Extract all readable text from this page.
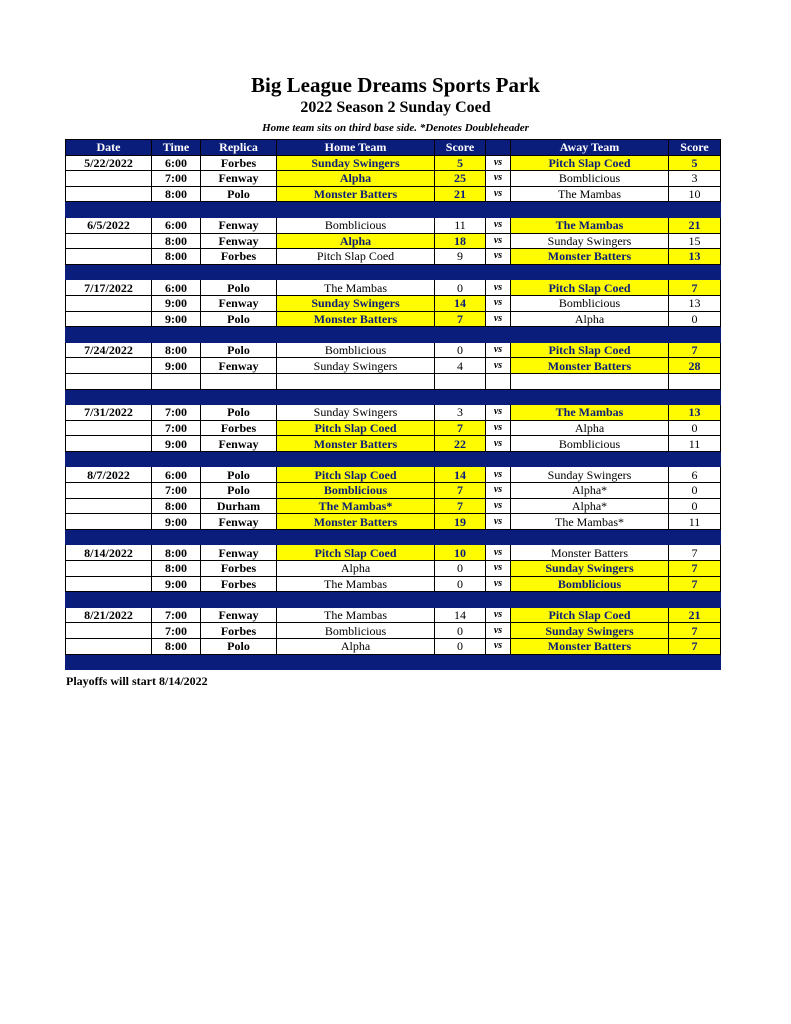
Big League Dreams Sports Park
2022 Season 2 Sunday Coed
Home team sits on third base side. *Denotes Doubleheader
Date	Time	Replica	Home Team	Score		Away Team	Score
5/22/2022	6:00	Forbes	Sunday Swingers	5	vs	Pitch Slap Coed	5
	7:00	Fenway	Alpha	25	vs	Bomblicious	3
	8:00	Polo	Monster Batters	21	vs	The Mambas	10

6/5/2022	6:00	Fenway	Bomblicious	11	vs	The Mambas	21
	8:00	Fenway	Alpha	18	vs	Sunday Swingers	15
	8:00	Forbes	Pitch Slap Coed	9	vs	Monster Batters	13

7/17/2022	6:00	Polo	The Mambas	0	vs	Pitch Slap Coed	7
	9:00	Fenway	Sunday Swingers	14	vs	Bomblicious	13
	9:00	Polo	Monster Batters	7	vs	Alpha	0

7/24/2022	8:00	Polo	Bomblicious	0	vs	Pitch Slap Coed	7
	9:00	Fenway	Sunday Swingers	4	vs	Monster Batters	28

7/31/2022	7:00	Polo	Sunday Swingers	3	vs	The Mambas	13
	7:00	Forbes	Pitch Slap Coed	7	vs	Alpha	0
	9:00	Fenway	Monster Batters	22	vs	Bomblicious	11

8/7/2022	6:00	Polo	Pitch Slap Coed	14	vs	Sunday Swingers	6
	7:00	Polo	Bomblicious	7	vs	Alpha*	0
	8:00	Durham	The Mambas*	7	vs	Alpha*	0
	9:00	Fenway	Monster Batters	19	vs	The Mambas*	11

8/14/2022	8:00	Fenway	Pitch Slap Coed	10	vs	Monster Batters	7
	8:00	Forbes	Alpha	0	vs	Sunday Swingers	7
	9:00	Forbes	The Mambas	0	vs	Bomblicious	7

8/21/2022	7:00	Fenway	The Mambas	14	vs	Pitch Slap Coed	21
	7:00	Forbes	Bomblicious	0	vs	Sunday Swingers	7
	8:00	Polo	Alpha	0	vs	Monster Batters	7

Playoffs will start 8/14/2022
